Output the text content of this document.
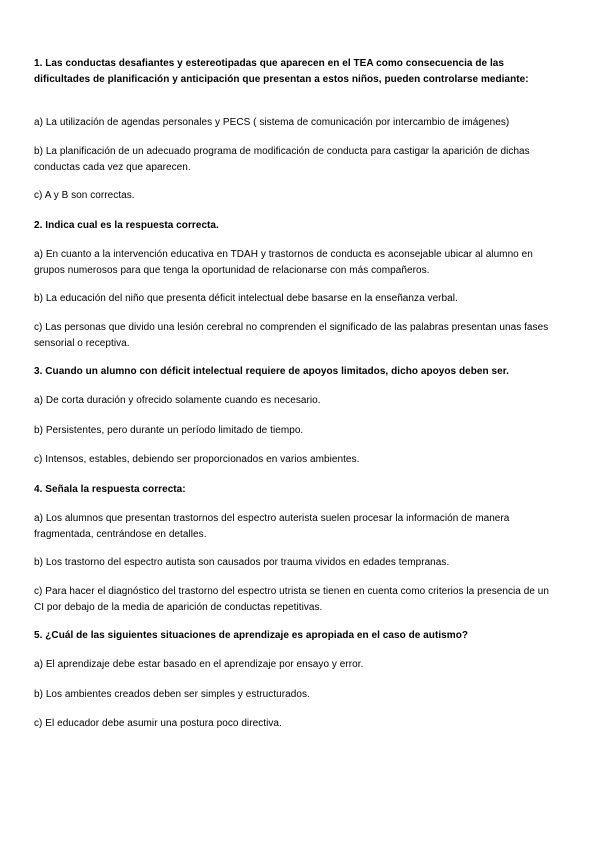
1. Las conductas desafiantes y estereotipadas que aparecen en el TEA como consecuencia de las dificultades de planificación y anticipación que presentan a estos niños, pueden controlarse mediante:
a) La utilización de agendas personales y PECS ( sistema de comunicación por intercambio de imágenes)
b) La planificación de un adecuado programa de modificación de conducta para castigar la aparición de dichas conductas cada vez que aparecen.
c) A y B son correctas.
2. Indica cual es la respuesta correcta.
a) En cuanto a la intervención educativa en TDAH y trastornos de conducta es aconsejable ubicar al alumno en grupos numerosos para que tenga la oportunidad de relacionarse con más compañeros.
b) La educación del niño que presenta déficit intelectual debe basarse en la enseñanza verbal.
c) Las personas que divido una lesión cerebral no comprenden el significado de las palabras presentan unas fases sensorial o receptiva.
3. Cuando un alumno con déficit intelectual requiere de apoyos limitados, dicho apoyos deben ser.
a) De corta duración y ofrecido solamente cuando es necesario.
b) Persistentes, pero durante un período limitado de tiempo.
c) Intensos, estables, debiendo ser proporcionados en varios ambientes.
4. Señala la respuesta correcta:
a) Los alumnos que presentan trastornos del espectro auterista suelen procesar la información de manera fragmentada, centrándose en detalles.
b) Los trastorno del espectro autista son causados por trauma vividos en edades tempranas.
c) Para hacer el diagnóstico del trastorno del espectro utrista se tienen en cuenta como criterios la presencia de un CI por debajo de la media de aparición de conductas repetitivas.
5. ¿Cuál de las siguientes situaciones de aprendizaje es apropiada en el caso de autismo?
a) El aprendizaje debe estar basado en el aprendizaje por ensayo y error.
b) Los ambientes creados deben ser simples y estructurados.
c) El educador debe asumir una postura poco directiva.
